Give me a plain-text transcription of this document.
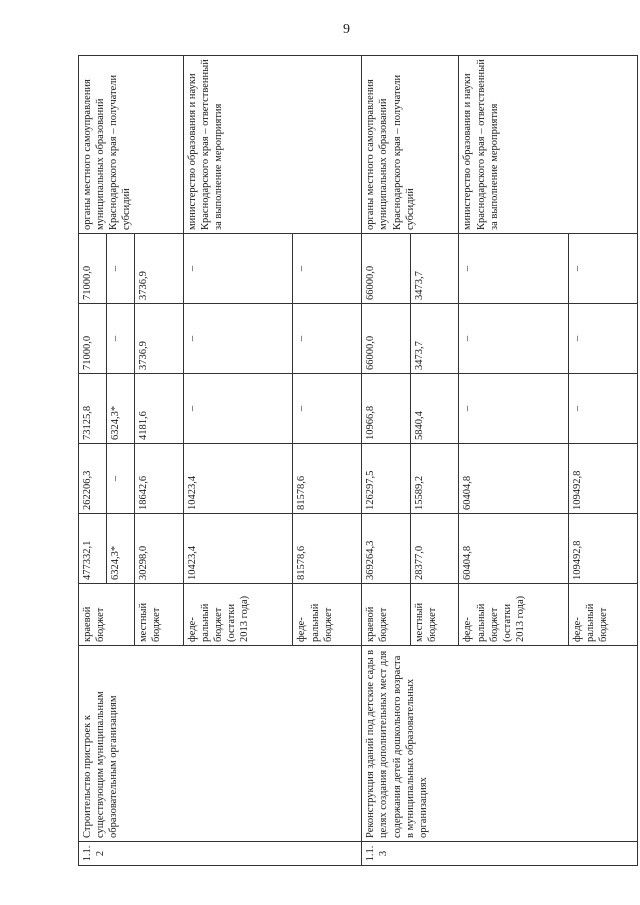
9
1.1.2	Строительство пристроек к существующим муниципальным образовательным организациям	краевой бюджет	477332,1	262206,3	73125,8	71000,0	71000,0	органы местного самоуправления муниципальных образований Краснодарского края – получатели субсидий
			6324,3*	–	6324,3*	–	–	
		местный бюджет	30298,0	18642,6	4181,6	3736,9	3736,9	
		феде-ральный бюджет (остатки 2013 года)	10423,4	10423,4	–	–	–	министерство образования и науки Краснодарского края – ответственный за выполнение мероприятия
		феде-ральный бюджет	81578,6	81578,6	–	–	–	
1.1.3	Реконструкция зданий под детские сады в целях создания дополнительных мест для содержания детей дошкольного возраста в муниципальных образовательных организациях	краевой бюджет	369264,3	126297,5	10966,8	66000,0	66000,0	органы местного самоуправления муниципальных образований Краснодарского края – получатели субсидий
		местный бюджет	28377,0	15589,2	5840,4	3473,7	3473,7	
		феде-ральный бюджет (остатки 2013 года)	60404,8	60404,8	–	–	–	министерство образования и науки Краснодарского края – ответственный за выполнение мероприятия
		феде-ральный бюджет	109492,8	109492,8	–	–	–	
